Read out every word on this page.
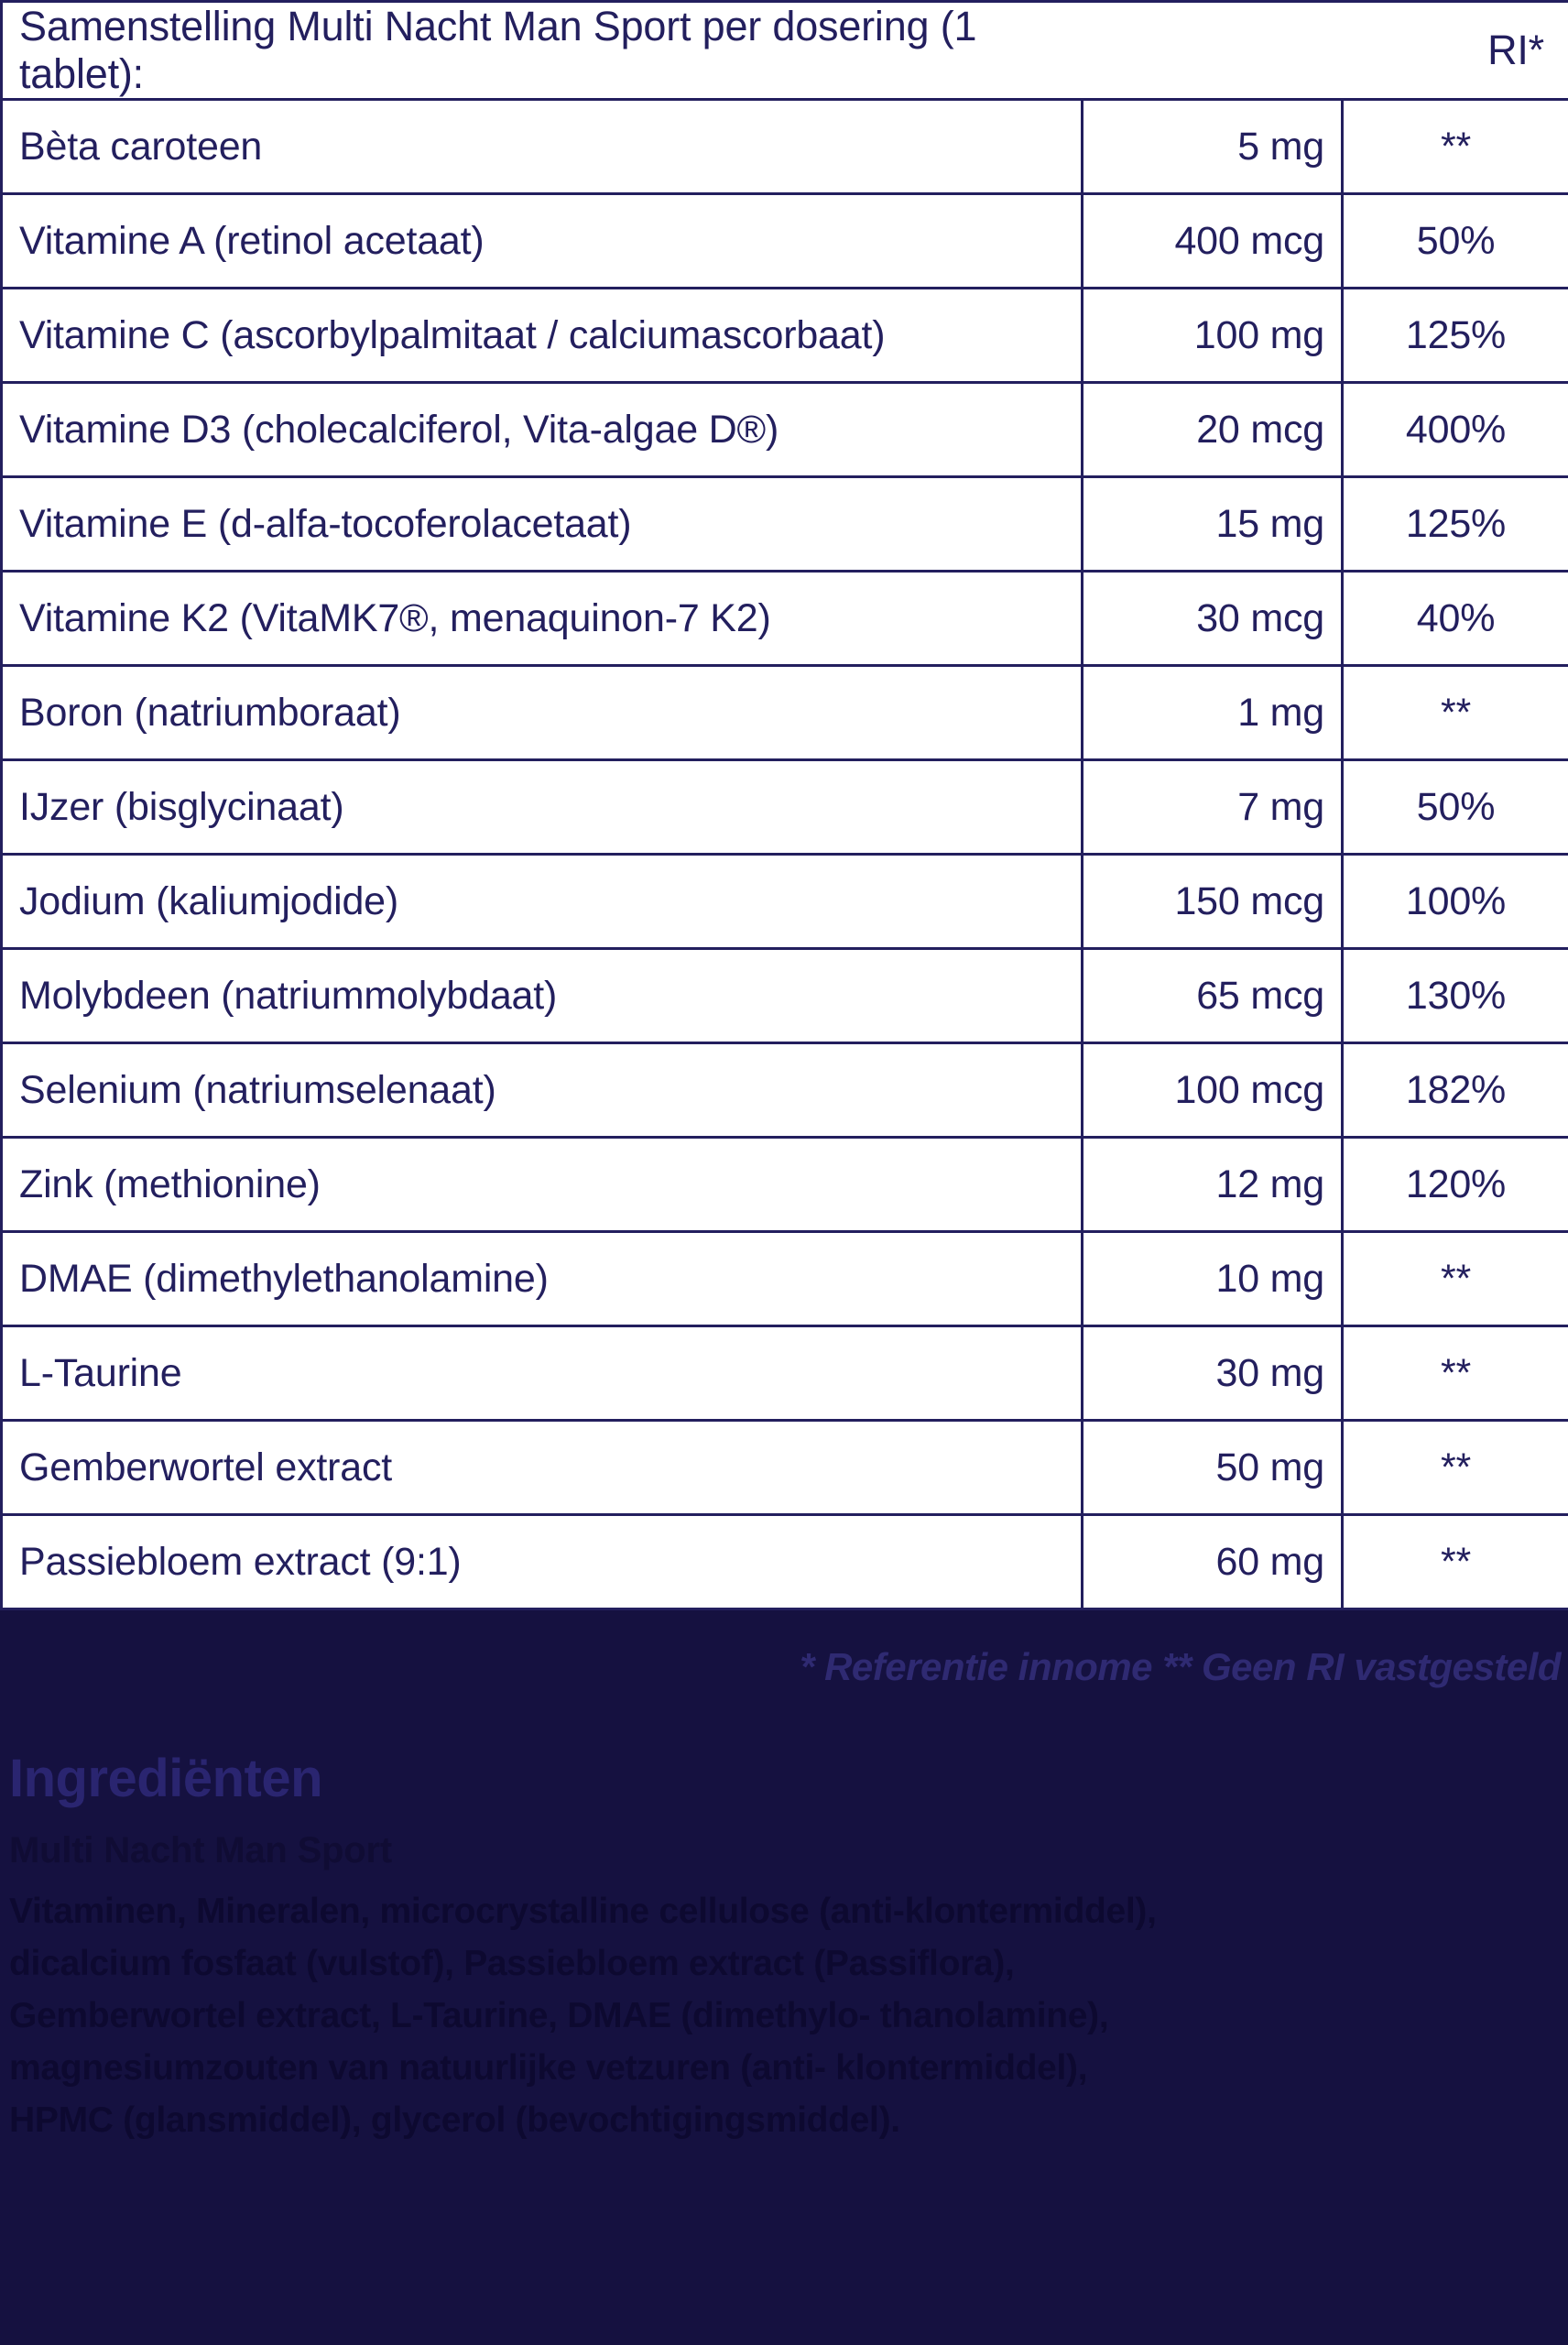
Samenstelling Multi Nacht Man Sport per dosering (1 tablet):		RI*
Bèta caroteen	5 mg	**
Vitamine A (retinol acetaat)	400 mcg	50%
Vitamine C (ascorbylpalmitaat / calciumascorbaat)	100 mg	125%
Vitamine D3 (cholecalciferol, Vita-algae D®)	20 mcg	400%
Vitamine E (d-alfa-tocoferolacetaat)	15 mg	125%
Vitamine K2 (VitaMK7®, menaquinon-7 K2)	30 mcg	40%
Boron (natriumboraat)	1 mg	**
IJzer (bisglycinaat)	7 mg	50%
Jodium (kaliumjodide)	150 mcg	100%
Molybdeen (natriummolybdaat)	65 mcg	130%
Selenium (natriumselenaat)	100 mcg	182%
Zink (methionine)	12 mg	120%
DMAE (dimethylethanolamine)	10 mg	**
L-Taurine	30 mg	**
Gemberwortel extract	50 mg	**
Passiebloem extract (9:1)	60 mg	**
* Referentie innome ** Geen RI vastgesteld
Ingrediënten
Multi Nacht Man Sport
Vitaminen, Mineralen, microcrystalline cellulose (anti-klontermiddel),
dicalcium fosfaat (vulstof), Passiebloem extract (Passiflora),
Gemberwortel extract, L-Taurine, DMAE (dimethylo- thanolamine),
magnesiumzouten van natuurlijke vetzuren (anti- klontermiddel),
HPMC (glansmiddel), glycerol (bevochtigingsmiddel).
